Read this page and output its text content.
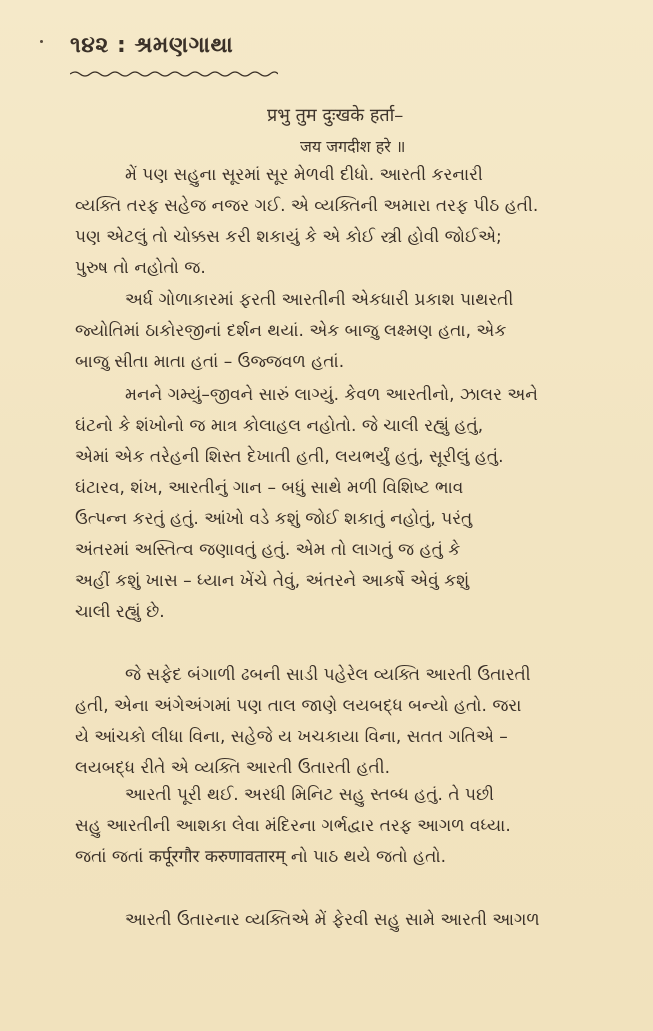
૧૪૨ : શ્રમણગાથા
प्रभु तुम दुःखके हर्ता–
जय जगदीश हरे ॥

મેં પણ સહુના સૂરમાં સૂર મેળવી દીધો. આરતી કરનારી
વ્યક્તિ તરફ સહેજ નજર ગઈ. એ વ્યક્તિની અમારા તરફ પીઠ હતી.
પણ એટલું તો ચોક્કસ કરી શકાયું કે એ કોઈ સ્ત્રી હોવી જોઈએ;
પુરુષ તો નહોતો જ.

અર્ધ ગોળાકારમાં ફરતી આરતીની એકધારી પ્રકાશ પાથરતી
જ્યોતિમાં ઠાકોરજીનાં દર્શન થયાં. એક બાજુ લક્ષ્મણ હતા, એક
બાજુ સીતા માતા હતાં – ઉજ્જવળ હતાં.

મનને ગમ્યું–જીવને સારું લાગ્યું. કેવળ આરતીનો, ઝાલર અને
ઘંટનો કે શંખોનો જ માત્ર કોલાહલ નહોતો. જે ચાલી રહ્યું હતું,
એમાં એક તરેહની શિસ્ત દેખાતી હતી, લયભર્યું હતું, સૂરીલું હતું.
ઘંટારવ, શંખ, આરતીનું ગાન – બધું સાથે મળી વિશિષ્ટ ભાવ
ઉત્પન્ન કરતું હતું. આંખો વડે કશું જોઈ શકાતું નહોતું, પરંતુ
અંતરમાં અસ્તિત્વ જણાવતું હતું. એમ તો લાગતું જ હતું કે
અહીં કશું ખાસ – ધ્યાન ખેંચે તેવું, અંતરને આકર્ષે એવું કશું
ચાલી રહ્યું છે.

જે સફેદ બંગાળી ઢબની સાડી પહેરેલ વ્યક્તિ આરતી ઉતારતી
હતી, એના અંગેઅંગમાં પણ તાલ જાણે લયબદ્ધ બન્યો હતો. જરા
યે આંચકો લીધા વિના, સહેજે ય ખચકાયા વિના, સતત ગતિએ –
લયબદ્ધ રીતે એ વ્યક્તિ આરતી ઉતારતી હતી.

આરતી પૂરી થઈ. અરધી મિનિટ સહુ સ્તબ્ધ હતું. તે પછી
સહુ આરતીની આશકા લેવા મંદિરના ગર્ભદ્વાર તરફ આગળ વધ્યા.
જતાં જતાં कर्पूरगौर करुणावतारम् નો પાઠ થયે જતો હતો.

આરતી ઉતારનાર વ્યક્તિએ મેં ફેરવી સહુ સામે આરતી આગળ
